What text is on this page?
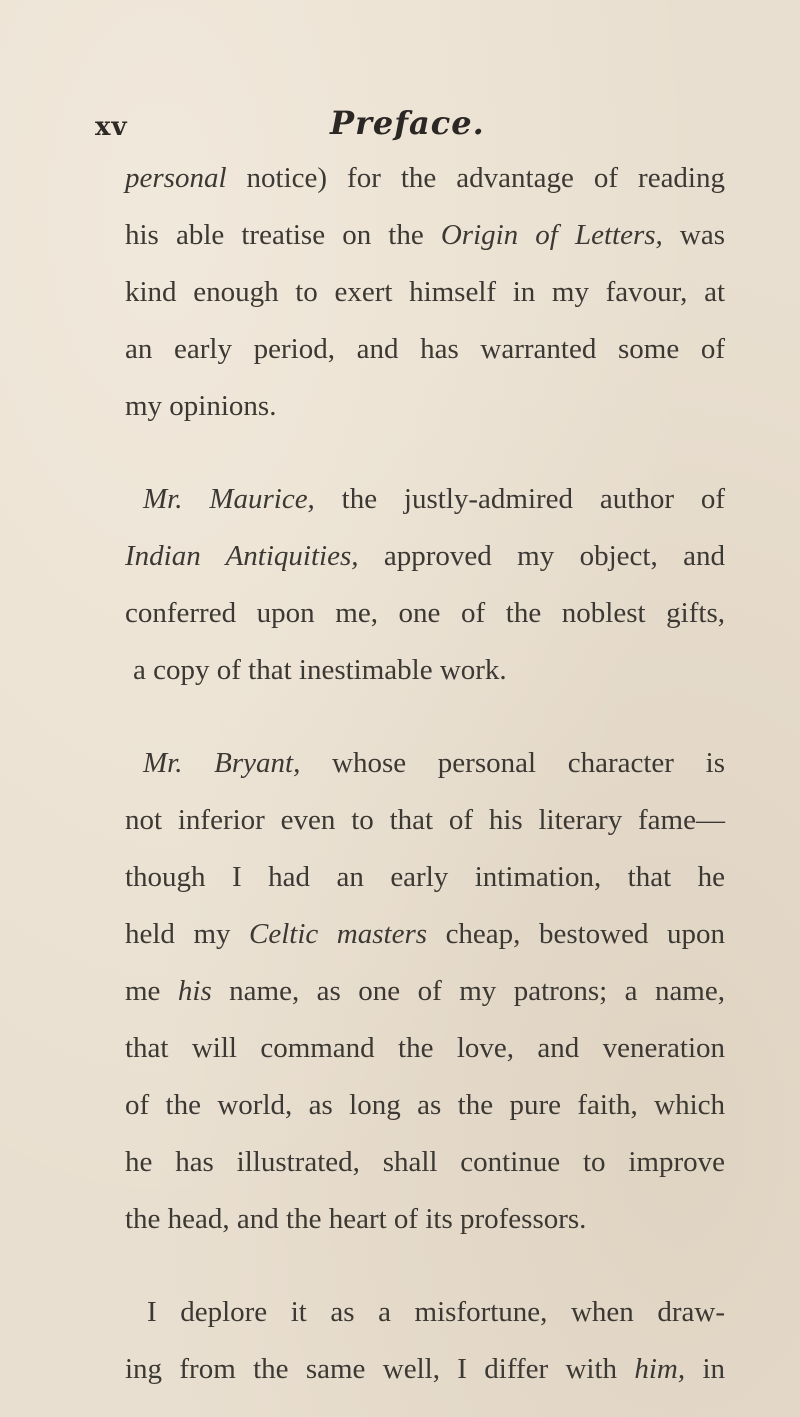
xv	Preface.
personal notice) for the advantage of reading
his able treatise on the Origin of Letters, was
kind enough to exert himself in my favour, at
an early period, and has warranted some of
my opinions.
Mr. Maurice, the justly-admired author of
Indian Antiquities, approved my object, and
conferred upon me, one of the noblest gifts,
a copy of that inestimable work.
Mr. Bryant, whose personal character is
not inferior even to that of his literary fame—
though I had an early intimation, that he
held my Celtic masters cheap, bestowed upon
me his name, as one of my patrons; a name,
that will command the love, and veneration
of the world, as long as the pure faith, which
he has illustrated, shall continue to improve
the head, and the heart of its professors.
I deplore it as a misfortune, when draw-
ing from the same well, I differ with him, in
